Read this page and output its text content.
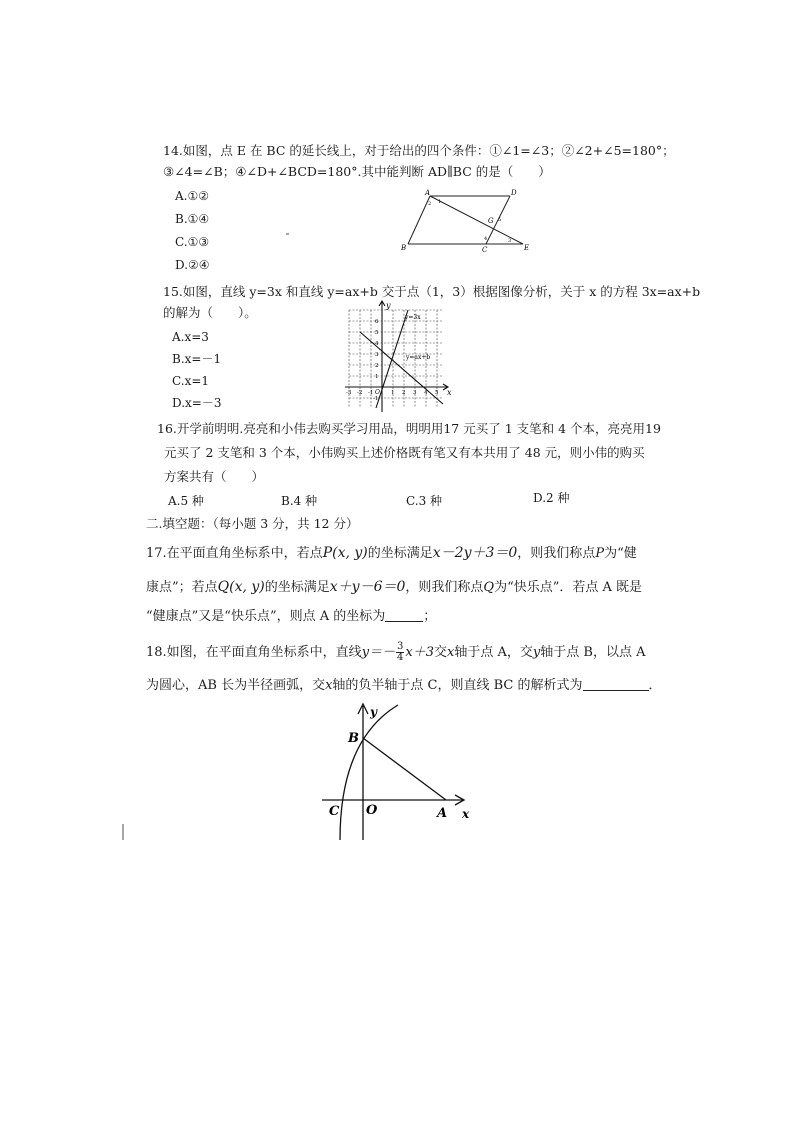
14.如图，点 E 在 BC 的延长线上，对于给出的四个条件：①∠1=∠3；②∠2+∠5=180°；
③∠4=∠B；④∠D+∠BCD=180°.其中能判断 AD∥BC 的是（　　）
A.①②
B.①④
C.①③
D.②④
A	D
B	C	E
G
1
2
3
4
5
15.如图，直线 y=3x 和直线 y=ax+b 交于点（1，3）根据图像分析，关于 x 的方程 3x=ax+b
的解为（　　）。
A.x=3
B.x=－1
C.x=1
D.x=－3
y
x
O
y=3x
y=ax+b
-3 -2 -1	1 2 3 4 5
6
5
4
3
2
1
-1
16.开学前明明.亮亮和小伟去购买学习用品，明明用17 元买了 1 支笔和 4 个本，亮亮用19
元买了 2 支笔和 3 个本，小伟购买上述价格既有笔又有本共用了 48 元，则小伟的购买
方案共有（　　）
A.5 种	B.4 种	C.3 种	D.2 种
二.填空题：（每小题 3 分，共 12 分）
17.在平面直角坐标系中，若点P(x, y)的坐标满足x－2y＋3＝0，则我们称点P为“健
康点”；若点Q(x, y)的坐标满足x＋y－6＝0，则我们称点Q为“快乐点”．若点 A 既是
“健康点”又是“快乐点”，则点 A 的坐标为	；
18.如图，在平面直角坐标系中，直线$y=- \frac{3}{4} x+3$交x轴于点 A，交y轴于点 B，以点 A
为圆心，AB 长为半径画弧，交x轴的负半轴于点 C，则直线 BC 的解析式为	．
y
x
B
C O	A
